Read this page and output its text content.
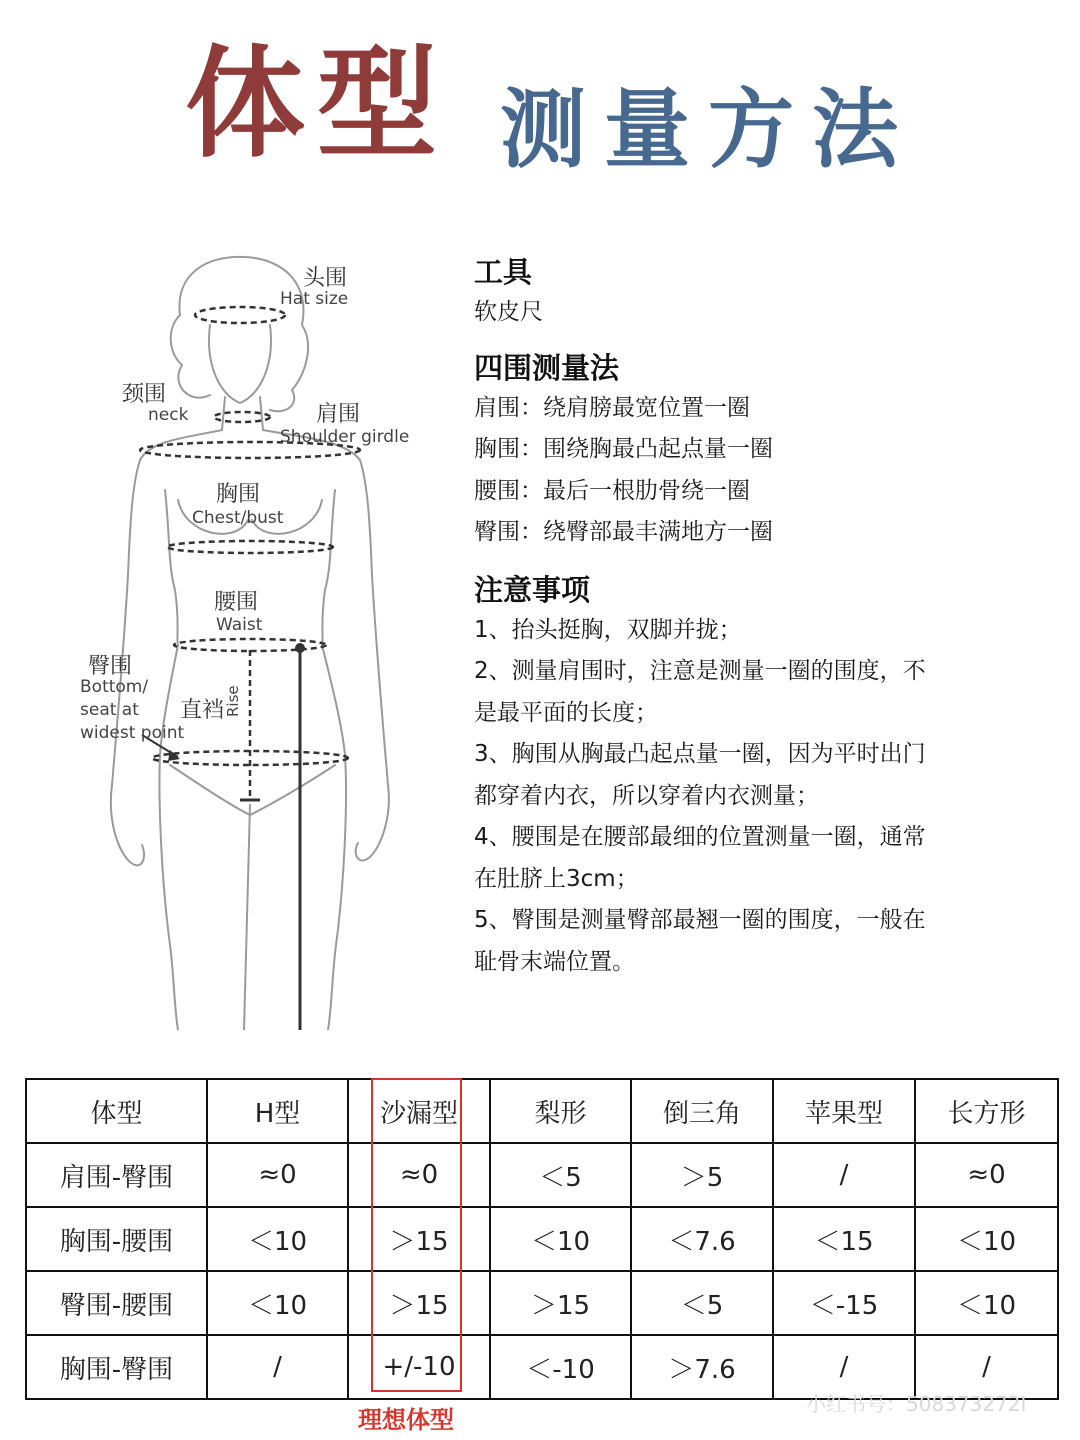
体型 测量方法
头围
Hat size
颈围
neck	肩围
Shoulder girdle
胸围
Chest/bust
腰围
Waist
臀围
Bottom/
seat at
widest point
直裆 Rise
工具
软皮尺
四围测量法
肩围：绕肩膀最宽位置一圈
胸围：围绕胸最凸起点量一圈
腰围：最后一根肋骨绕一圈
臀围：绕臀部最丰满地方一圈
注意事项
1、抬头挺胸，双脚并拢；
2、测量肩围时，注意是测量一圈的围度，不
是最平面的长度；
3、胸围从胸最凸起点量一圈，因为平时出门
都穿着内衣，所以穿着内衣测量；
4、腰围是在腰部最细的位置测量一圈，通常
在肚脐上3cm；
5、臀围是测量臀部最翘一圈的围度，一般在
耻骨末端位置。
体型	H型	沙漏型	梨形	倒三角	苹果型	长方形
肩围-臀围	≈0	≈0	＜5	＞5	/	≈0
胸围-腰围	＜10	＞15	＜10	＜7.6	＜15	＜10
臀围-腰围	＜10	＞15	＞15	＜5	＜-15	＜10
胸围-臀围	/	+/-10	＜-10	＞7.6	/	/
理想体型
小红书号：508373272I
